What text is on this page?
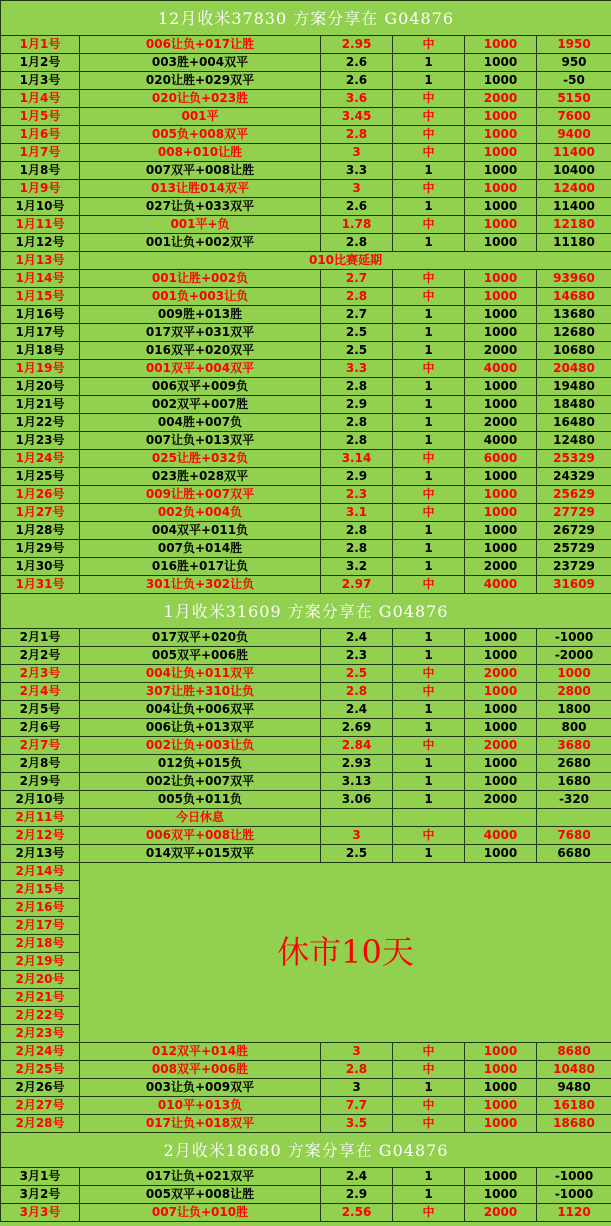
12月收米37830 方案分享在 G04876					
1月1号	006让负+017让胜	2.95	中	1000	1950
1月2号	003胜+004双平	2.6	1	1000	950
1月3号	020让胜+029双平	2.6	1	1000	-50
1月4号	020让负+023胜	3.6	中	2000	5150
1月5号	001平	3.45	中	1000	7600
1月6号	005负+008双平	2.8	中	1000	9400
1月7号	008+010让胜	3	中	1000	11400
1月8号	007双平+008让胜	3.3	1	1000	10400
1月9号	013让胜014双平	3	中	1000	12400
1月10号	027让负+033双平	2.6	1	1000	11400
1月11号	001平+负	1.78	中	1000	12180
1月12号	001让负+002双平	2.8	1	1000	11180
1月13号	010比赛延期				
1月14号	001让胜+002负	2.7	中	1000	93960
1月15号	001负+003让负	2.8	中	1000	14680
1月16号	009胜+013胜	2.7	1	1000	13680
1月17号	017双平+031双平	2.5	1	1000	12680
1月18号	016双平+020双平	2.5	1	2000	10680
1月19号	001双平+004双平	3.3	中	4000	20480
1月20号	006双平+009负	2.8	1	1000	19480
1月21号	002双平+007胜	2.9	1	1000	18480
1月22号	004胜+007负	2.8	1	2000	16480
1月23号	007让负+013双平	2.8	1	4000	12480
1月24号	025让胜+032负	3.14	中	6000	25329
1月25号	023胜+028双平	2.9	1	1000	24329
1月26号	009让胜+007双平	2.3	中	1000	25629
1月27号	002负+004负	3.1	中	1000	27729
1月28号	004双平+011负	2.8	1	1000	26729
1月29号	007负+014胜	2.8	1	1000	25729
1月30号	016胜+017让负	3.2	1	2000	23729
1月31号	301让负+302让负	2.97	中	4000	31609
1月收米31609 方案分享在 G04876					
2月1号	017双平+020负	2.4	1	1000	-1000
2月2号	005双平+006胜	2.3	1	1000	-2000
2月3号	004让负+011双平	2.5	中	2000	1000
2月4号	307让胜+310让负	2.8	中	1000	2800
2月5号	004让负+006双平	2.4	1	1000	1800
2月6号	006让负+013双平	2.69	1	1000	800
2月7号	002让负+003让负	2.84	中	2000	3680
2月8号	012负+015负	2.93	1	1000	2680
2月9号	002让负+007双平	3.13	1	1000	1680
2月10号	005负+011负	3.06	1	2000	-320
2月11号	今日休息				
2月12号	006双平+008让胜	3	中	4000	7680
2月13号	014双平+015双平	2.5	1	1000	6680
2月14号	休市10天				
2月15号					
2月16号					
2月17号					
2月18号					
2月19号					
2月20号					
2月21号					
2月22号					
2月23号					
2月24号	012双平+014胜	3	中	1000	8680
2月25号	008双平+006胜	2.8	中	1000	10480
2月26号	003让负+009双平	3	1	1000	9480
2月27号	010平+013负	7.7	中	1000	16180
2月28号	017让负+018双平	3.5	中	1000	18680
2月收米18680 方案分享在 G04876					
3月1号	017让负+021双平	2.4	1	1000	-1000
3月2号	005双平+008让胜	2.9	1	1000	-1000
3月3号	007让负+010胜	2.56	中	2000	1120
